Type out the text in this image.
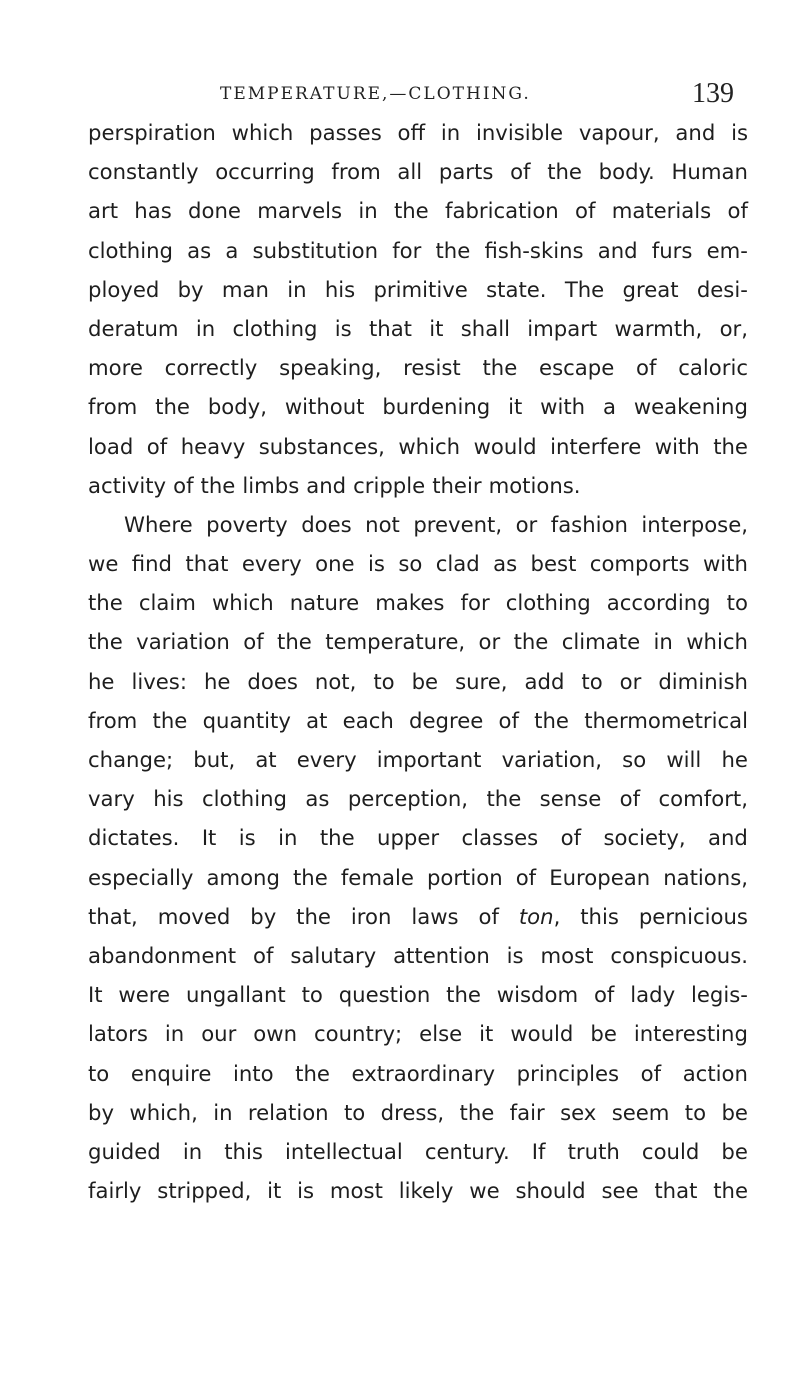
TEMPERATURE,—CLOTHING.	139
perspiration which passes off in invisible vapour, and is
constantly occurring from all parts of the body. Human
art has done marvels in the fabrication of materials of
clothing as a substitution for the fish-skins and furs em-
ployed by man in his primitive state. The great desi-
deratum in clothing is that it shall impart warmth, or,
more correctly speaking, resist the escape of caloric
from the body, without burdening it with a weakening
load of heavy substances, which would interfere with the
activity of the limbs and cripple their motions.
Where poverty does not prevent, or fashion interpose,
we find that every one is so clad as best comports with
the claim which nature makes for clothing according to
the variation of the temperature, or the climate in which
he lives: he does not, to be sure, add to or diminish
from the quantity at each degree of the thermometrical
change; but, at every important variation, so will he
vary his clothing as perception, the sense of comfort,
dictates. It is in the upper classes of society, and
especially among the female portion of European nations,
that, moved by the iron laws of ton, this pernicious
abandonment of salutary attention is most conspicuous.
It were ungallant to question the wisdom of lady legis-
lators in our own country; else it would be interesting
to enquire into the extraordinary principles of action
by which, in relation to dress, the fair sex seem to be
guided in this intellectual century. If truth could be
fairly stripped, it is most likely we should see that the
